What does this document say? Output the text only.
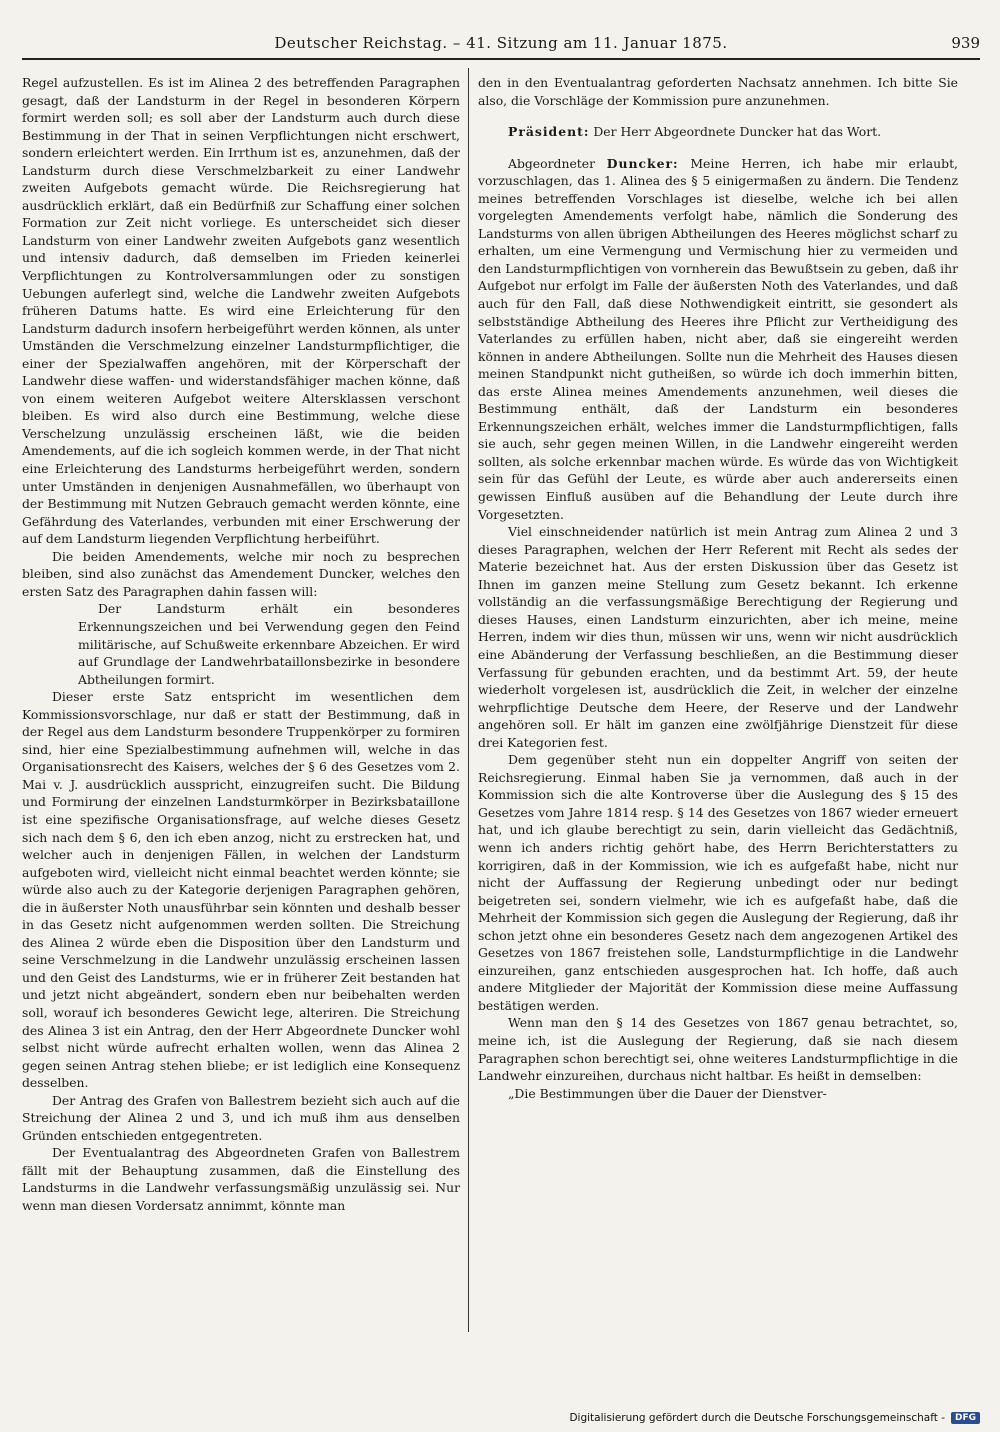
Deutscher Reichstag. – 41. Sitzung am 11. Januar 1875.	939

Regel aufzustellen. Es ist im Alinea 2 des betreffenden Paragraphen gesagt, daß der Landsturm in der Regel in besonderen Körpern formirt werden soll; es soll aber der Landsturm auch durch diese Bestimmung in der That in seinen Verpflichtungen nicht erschwert, sondern erleichtert werden. Ein Irrthum ist es, anzunehmen, daß der Landsturm durch diese Verschmelzbarkeit zu einer Landwehr zweiten Aufgebots gemacht würde. Die Reichsregierung hat ausdrücklich erklärt, daß ein Bedürfniß zur Schaffung einer solchen Formation zur Zeit nicht vorliege. Es unterscheidet sich dieser Landsturm von einer Landwehr zweiten Aufgebots ganz wesentlich und intensiv dadurch, daß demselben im Frieden keinerlei Verpflichtungen zu Kontrolversammlungen oder zu sonstigen Uebungen auferlegt sind, welche die Landwehr zweiten Aufgebots früheren Datums hatte. Es wird eine Erleichterung für den Landsturm dadurch insofern herbeigeführt werden können, als unter Umständen die Verschmelzung einzelner Landsturmpflichtiger, die einer der Spezialwaffen angehören, mit der Körperschaft der Landwehr diese waffen- und widerstandsfähiger machen könne, daß von einem weiteren Aufgebot weitere Altersklassen verschont bleiben. Es wird also durch eine Bestimmung, welche diese Verschelzung unzulässig erscheinen läßt, wie die beiden Amendements, auf die ich sogleich kommen werde, in der That nicht eine Erleichterung des Landsturms herbeigeführt werden, sondern unter Umständen in denjenigen Ausnahmefällen, wo überhaupt von der Bestimmung mit Nutzen Gebrauch gemacht werden könnte, eine Gefährdung des Vaterlandes, verbunden mit einer Erschwerung der auf dem Landsturm liegenden Verpflichtung herbeiführt.

Die beiden Amendements, welche mir noch zu besprechen bleiben, sind also zunächst das Amendement Duncker, welches den ersten Satz des Paragraphen dahin fassen will:

Der Landsturm erhält ein besonderes Erkennungszeichen und bei Verwendung gegen den Feind militärische, auf Schußweite erkennbare Abzeichen. Er wird auf Grundlage der Landwehrbataillonsbezirke in besondere Abtheilungen formirt.

Dieser erste Satz entspricht im wesentlichen dem Kommissionsvorschlage, nur daß er statt der Bestimmung, daß in der Regel aus dem Landsturm besondere Truppenkörper zu formiren sind, hier eine Spezialbestimmung aufnehmen will, welche in das Organisationsrecht des Kaisers, welches der § 6 des Gesetzes vom 2. Mai v. J. ausdrücklich ausspricht, einzugreifen sucht. Die Bildung und Formirung der einzelnen Landsturmkörper in Bezirksbataillone ist eine spezifische Organisationsfrage, auf welche dieses Gesetz sich nach dem § 6, den ich eben anzog, nicht zu erstrecken hat, und welcher auch in denjenigen Fällen, in welchen der Landsturm aufgeboten wird, vielleicht nicht einmal beachtet werden könnte; sie würde also auch zu der Kategorie derjenigen Paragraphen gehören, die in äußerster Noth unausführbar sein könnten und deshalb besser in das Gesetz nicht aufgenommen werden sollten. Die Streichung des Alinea 2 würde eben die Disposition über den Landsturm und seine Verschmelzung in die Landwehr unzulässig erscheinen lassen und den Geist des Landsturms, wie er in früherer Zeit bestanden hat und jetzt nicht abgeändert, sondern eben nur beibehalten werden soll, worauf ich besonderes Gewicht lege, alteriren. Die Streichung des Alinea 3 ist ein Antrag, den der Herr Abgeordnete Duncker wohl selbst nicht würde aufrecht erhalten wollen, wenn das Alinea 2 gegen seinen Antrag stehen bliebe; er ist lediglich eine Konsequenz desselben.

Der Antrag des Grafen von Ballestrem bezieht sich auch auf die Streichung der Alinea 2 und 3, und ich muß ihm aus denselben Gründen entschieden entgegentreten.

Der Eventualantrag des Abgeordneten Grafen von Ballestrem fällt mit der Behauptung zusammen, daß die Einstellung des Landsturms in die Landwehr verfassungsmäßig unzulässig sei. Nur wenn man diesen Vordersatz annimmt, könnte man

den in den Eventualantrag geforderten Nachsatz annehmen. Ich bitte Sie also, die Vorschläge der Kommission pure anzunehmen.

Präsident: Der Herr Abgeordnete Duncker hat das Wort.

Abgeordneter Duncker: Meine Herren, ich habe mir erlaubt, vorzuschlagen, das 1. Alinea des § 5 einigermaßen zu ändern. Die Tendenz meines betreffenden Vorschlages ist dieselbe, welche ich bei allen vorgelegten Amendements verfolgt habe, nämlich die Sonderung des Landsturms von allen übrigen Abtheilungen des Heeres möglichst scharf zu erhalten, um eine Vermengung und Vermischung hier zu vermeiden und den Landsturmpflichtigen von vornherein das Bewußtsein zu geben, daß ihr Aufgebot nur erfolgt im Falle der äußersten Noth des Vaterlandes, und daß auch für den Fall, daß diese Nothwendigkeit eintritt, sie gesondert als selbstständige Abtheilung des Heeres ihre Pflicht zur Vertheidigung des Vaterlandes zu erfüllen haben, nicht aber, daß sie eingereiht werden können in andere Abtheilungen. Sollte nun die Mehrheit des Hauses diesen meinen Standpunkt nicht gutheißen, so würde ich doch immerhin bitten, das erste Alinea meines Amendements anzunehmen, weil dieses die Bestimmung enthält, daß der Landsturm ein besonderes Erkennungszeichen erhält, welches immer die Landsturmpflichtigen, falls sie auch, sehr gegen meinen Willen, in die Landwehr eingereiht werden sollten, als solche erkennbar machen würde. Es würde das von Wichtigkeit sein für das Gefühl der Leute, es würde aber auch andererseits einen gewissen Einfluß ausüben auf die Behandlung der Leute durch ihre Vorgesetzten.

Viel einschneidender natürlich ist mein Antrag zum Alinea 2 und 3 dieses Paragraphen, welchen der Herr Referent mit Recht als sedes der Materie bezeichnet hat. Aus der ersten Diskussion über das Gesetz ist Ihnen im ganzen meine Stellung zum Gesetz bekannt. Ich erkenne vollständig an die verfassungsmäßige Berechtigung der Regierung und dieses Hauses, einen Landsturm einzurichten, aber ich meine, meine Herren, indem wir dies thun, müssen wir uns, wenn wir nicht ausdrücklich eine Abänderung der Verfassung beschließen, an die Bestimmung dieser Verfassung für gebunden erachten, und da bestimmt Art. 59, der heute wiederholt vorgelesen ist, ausdrücklich die Zeit, in welcher der einzelne wehrpflichtige Deutsche dem Heere, der Reserve und der Landwehr angehören soll. Er hält im ganzen eine zwölfjährige Dienstzeit für diese drei Kategorien fest.

Dem gegenüber steht nun ein doppelter Angriff von seiten der Reichsregierung. Einmal haben Sie ja vernommen, daß auch in der Kommission sich die alte Kontroverse über die Auslegung des § 15 des Gesetzes vom Jahre 1814 resp. § 14 des Gesetzes von 1867 wieder erneuert hat, und ich glaube berechtigt zu sein, darin vielleicht das Gedächtniß, wenn ich anders richtig gehört habe, des Herrn Berichterstatters zu korrigiren, daß in der Kommission, wie ich es aufgefaßt habe, nicht nur nicht der Auffassung der Regierung unbedingt oder nur bedingt beigetreten sei, sondern vielmehr, wie ich es aufgefaßt habe, daß die Mehrheit der Kommission sich gegen die Auslegung der Regierung, daß ihr schon jetzt ohne ein besonderes Gesetz nach dem angezogenen Artikel des Gesetzes von 1867 freistehen solle, Landsturmpflichtige in die Landwehr einzureihen, ganz entschieden ausgesprochen hat. Ich hoffe, daß auch andere Mitglieder der Majorität der Kommission diese meine Auffassung bestätigen werden.

Wenn man den § 14 des Gesetzes von 1867 genau betrachtet, so, meine ich, ist die Auslegung der Regierung, daß sie nach diesem Paragraphen schon berechtigt sei, ohne weiteres Landsturmpflichtige in die Landwehr einzureihen, durchaus nicht haltbar. Es heißt in demselben:

„Die Bestimmungen über die Dauer der Dienstver-

Digitalisierung gefördert durch die Deutsche Forschungsgemeinschaft -	DFG
